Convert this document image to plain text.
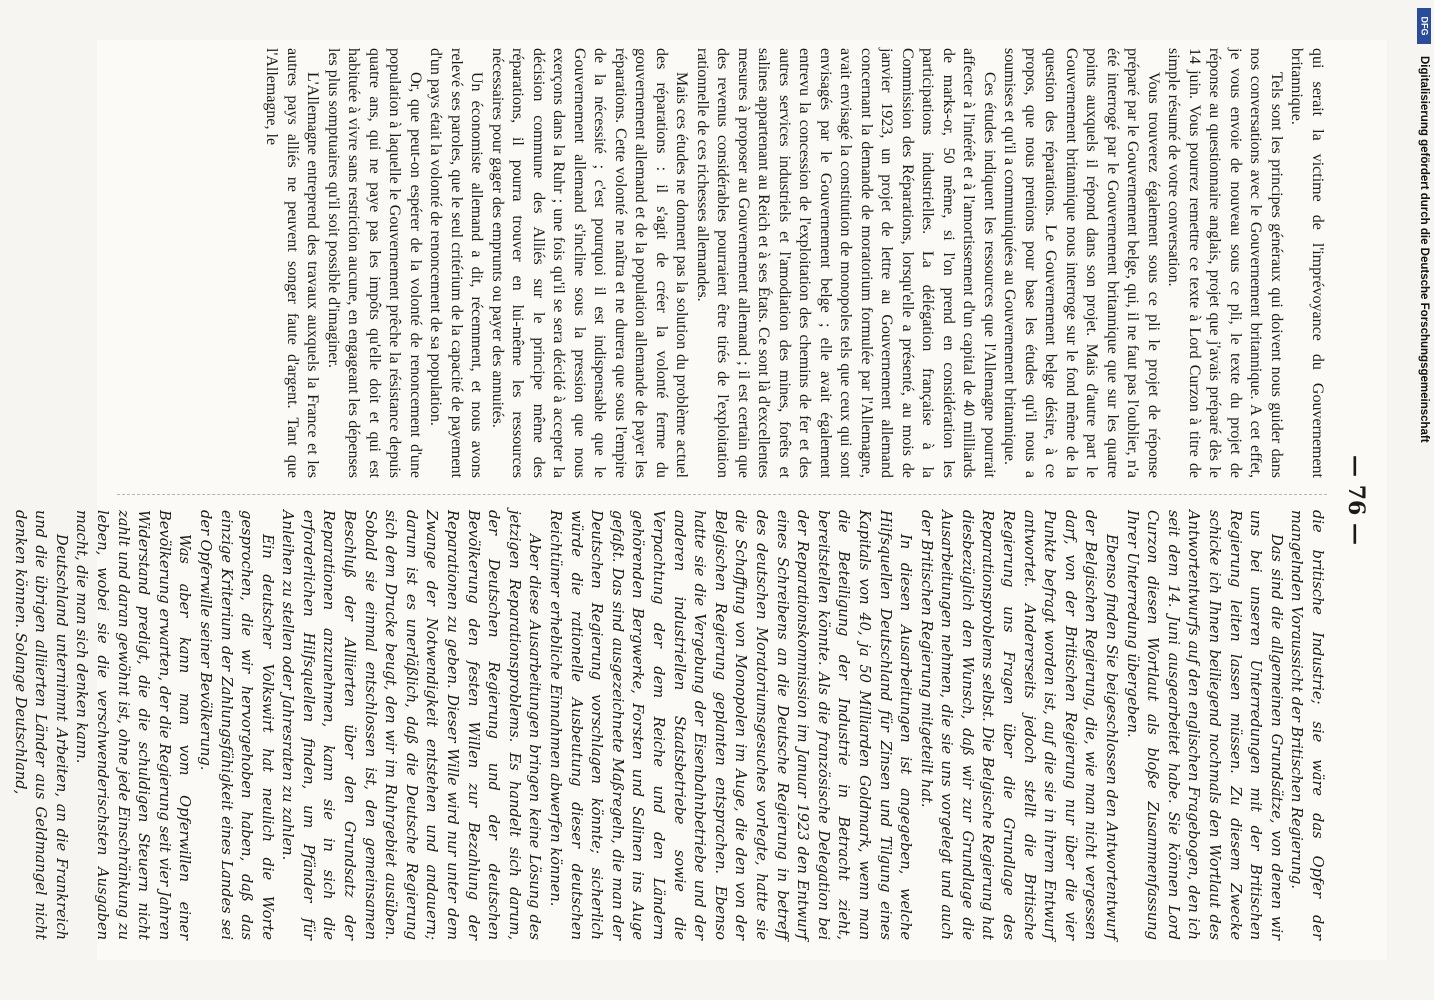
— 76 —

qui serait la victime de l'imprévoyance du Gouvernement britannique.

Tels sont les principes généraux qui doivent nous guider dans nos conversations avec le Gouvernement britannique. A cet effet, je vous envoie de nouveau sous ce pli, le texte du projet de réponse au questionnaire anglais, projet que j'avais préparé dès le 14 juin. Vous pourrez remettre ce texte à Lord Curzon à titre de simple résumé de votre conversation.

Vous trouverez également sous ce pli le projet de réponse préparé par le Gouvernement belge, qui, il ne faut pas l'oublier, n'a été interrogé par le Gouvernement britannique que sur les quatre points auxquels il répond dans son projet. Mais d'autre part le Gouvernement britannique nous interroge sur le fond même de la question des réparations. Le Gouvernement belge désire, à ce propos, que nous prenions pour base les études qu'il nous a soumises et qu'il a communiquées au Gouvernement britannique.

Ces études indiquent les ressources que l'Allemagne pourrait affecter à l'intérêt et à l'amortissement d'un capital de 40 milliards de marks-or, 50 même, si l'on prend en considération les participations industrielles. La délégation française à la Commission des Réparations, lorsqu'elle a présenté, au mois de janvier 1923, un projet de lettre au Gouvernement allemand concernant la demande de moratorium formulée par l'Allemagne, avait envisagé la constitution de monopoles tels que ceux qui sont envisagés par le Gouvernement belge ; elle avait également entrevu la concession de l'exploitation des chemins de fer et des autres services industriels et l'amodiation des mines, forêts et salines appartenant au Reich et à ses États. Ce sont là d'excellentes mesures à proposer au Gouvernement allemand ; il est certain que des revenus considérables pourraient être tirés de l'exploitation rationnelle de ces richesses allemandes.

Mais ces études ne donnent pas la solution du problème actuel des réparations : il s'agit de créer la volonté ferme du gouvernement allemand et de la population allemande de payer les réparations. Cette volonté ne naîtra et ne durera que sous l'empire de la nécessité ; c'est pourquoi il est indispensable que le Gouvernement allemand s'incline sous la pression que nous exerçons dans la Ruhr ; une fois qu'il se sera décidé à accepter la décision commune des Alliés sur le principe même des réparations, il pourra trouver en lui-même les ressources nécessaires pour gager des emprunts ou payer des annuités.

Un économiste allemand a dit, récemment, et nous avons relevé ses paroles, que le seul critérium de la capacité de payement d'un pays était la volonté de renoncement de sa population.

Or, que peut-on espérer de la volonté de renoncement d'une population à laquelle le Gouvernement prêche la résistance depuis quatre ans, qui ne paye pas les impôts qu'elle doit et qui est habituée à vivre sans restriction aucune, en engageant les dépenses les plus somptuaires qu'il soit possible d'imaginer.

L'Allemagne entreprend des travaux auxquels la France et les autres pays alliés ne peuvent songer faute d'argent. Tant que l'Allemagne, le

die britische Industrie; sie wäre das Opfer der mangelnden Voraussicht der Britischen Regierung.

Das sind die allgemeinen Grundsätze, von denen wir uns bei unseren Unterredungen mit der Britischen Regierung leiten lassen müssen. Zu diesem Zwecke schicke ich Ihnen beiliegend nochmals den Wortlaut des Antwortentwurfs auf den englischen Fragebogen, den ich seit dem 14. Juni ausgearbeitet habe. Sie können Lord Curzon diesen Wortlaut als bloße Zusammenfassung Ihrer Unterredung übergeben.

Ebenso finden Sie beigeschlossen den Antwortentwurf der Belgischen Regierung, die, wie man nicht vergessen darf, von der Britischen Regierung nur über die vier Punkte befragt worden ist, auf die sie in ihrem Entwurf antwortet. Andererseits jedoch stellt die Britische Regierung uns Fragen über die Grundlage des Reparationsproblems selbst. Die Belgische Regierung hat diesbezüglich den Wunsch, daß wir zur Grundlage die Ausarbeitungen nehmen, die sie uns vorgelegt und auch der Britischen Regierung mitgeteilt hat.

In diesen Ausarbeitungen ist angegeben, welche Hilfsquellen Deutschland für Zinsen und Tilgung eines Kapitals von 40, ja 50 Milliarden Goldmark, wenn man die Beteiligung der Industrie in Betracht zieht, bereitstellen könnte. Als die französische Delegation bei der Reparationskommission im Januar 1923 den Entwurf eines Schreibens an die Deutsche Regierung in betreff des deutschen Moratoriumsgesuches vorlegte, hatte sie die Schaffung von Monopolen im Auge, die den von der Belgischen Regierung geplanten entsprachen. Ebenso hatte sie die Vergebung der Eisenbahnbetriebe und der anderen industriellen Staatsbetriebe sowie die Verpachtung der dem Reiche und den Ländern gehörenden Bergwerke, Forsten und Salinen ins Auge gefaßt. Das sind ausgezeichnete Maßregeln, die man der Deutschen Regierung vorschlagen könnte; sicherlich würde die rationelle Ausbeutung dieser deutschen Reichtümer erhebliche Einnahmen abwerfen können.

Aber diese Ausarbeitungen bringen keine Lösung des jetzigen Reparationsproblems. Es handelt sich darum, der Deutschen Regierung und der deutschen Bevölkerung den festen Willen zur Bezahlung der Reparationen zu geben. Dieser Wille wird nur unter dem Zwange der Notwendigkeit entstehen und andauern; darum ist es unerläßlich, daß die Deutsche Regierung sich dem Drucke beugt, den wir im Ruhrgebiet ausüben. Sobald sie einmal entschlossen ist, den gemeinsamen Beschluß der Alliierten über den Grundsatz der Reparationen anzunehmen, kann sie in sich die erforderlichen Hilfsquellen finden, um Pfänder für Anleihen zu stellen oder Jahresraten zu zahlen.

Ein deutscher Volkswirt hat neulich die Worte gesprochen, die wir hervorgehoben haben, daß das einzige Kriterium der Zahlungsfähigkeit eines Landes sei der Opferwille seiner Bevölkerung.

Was aber kann man vom Opferwillen einer Bevölkerung erwarten, der die Regierung seit vier Jahren Widerstand predigt, die die schuldigen Steuern nicht zahlt und daran gewöhnt ist, ohne jede Einschränkung zu leben, wobei sie die verschwenderischsten Ausgaben macht, die man sich denken kann.

Deutschland unternimmt Arbeiten, an die Frankreich und die übrigen alliierten Länder aus Geldmangel nicht denken können. Solange Deutschland,

DFG
Digitalisierung gefördert durch die Deutsche Forschungsgemeinschaft
